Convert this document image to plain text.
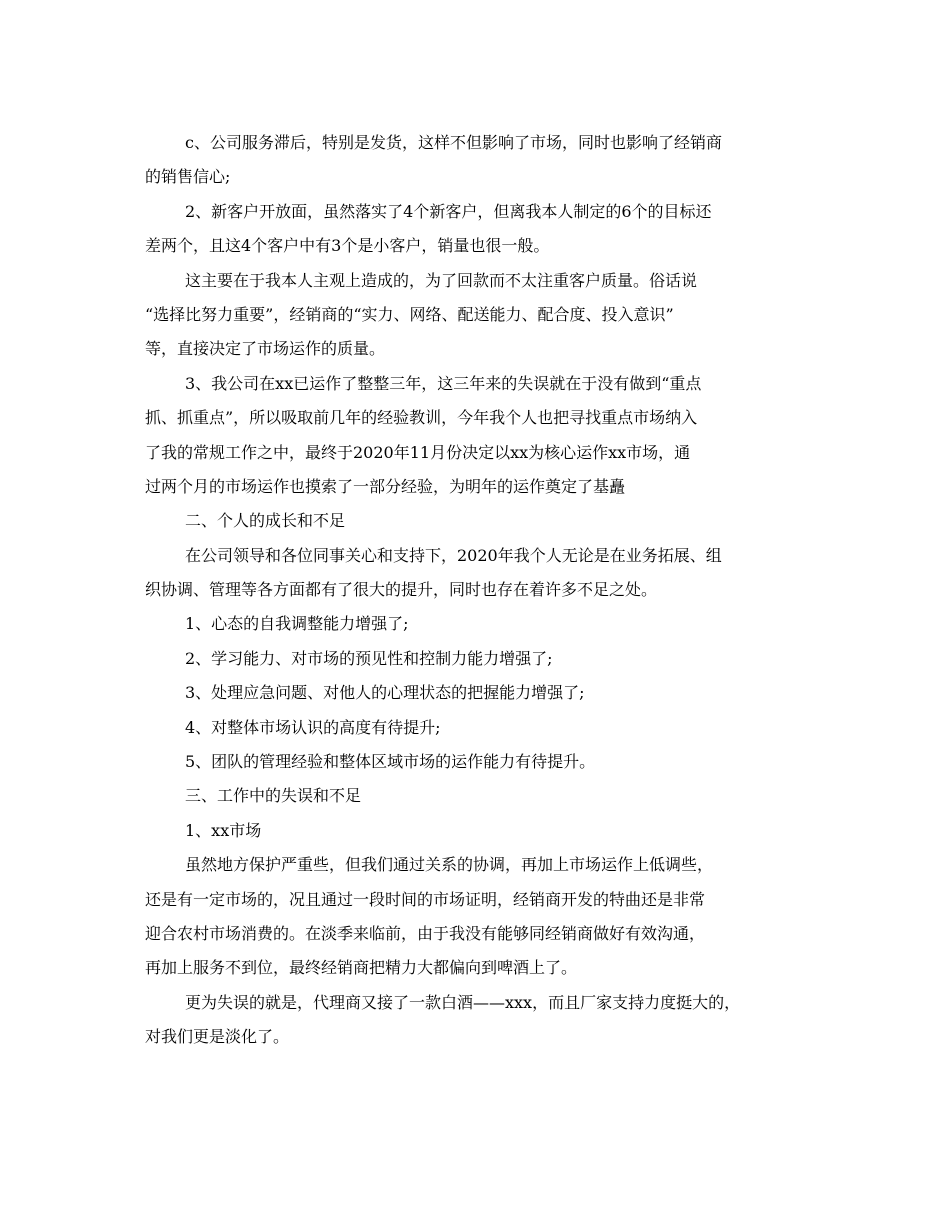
c、公司服务滞后，特别是发货，这样不但影响了市场，同时也影响了经销商
的销售信心;
2、新客户开放面，虽然落实了4个新客户，但离我本人制定的6个的目标还
差两个，且这4个客户中有3个是小客户，销量也很一般。
这主要在于我本人主观上造成的，为了回款而不太注重客户质量。俗话说
“选择比努力重要”，经销商的“实力、网络、配送能力、配合度、投入意识”
等，直接决定了市场运作的质量。
3、我公司在xx已运作了整整三年，这三年来的失误就在于没有做到“重点
抓、抓重点”，所以吸取前几年的经验教训，今年我个人也把寻找重点市场纳入
了我的常规工作之中，最终于2020年11月份决定以xx为核心运作xx市场，通
过两个月的市场运作也摸索了一部分经验，为明年的运作奠定了基矗
二、个人的成长和不足
在公司领导和各位同事关心和支持下，2020年我个人无论是在业务拓展、组
织协调、管理等各方面都有了很大的提升，同时也存在着许多不足之处。
1、心态的自我调整能力增强了;
2、学习能力、对市场的预见性和控制力能力增强了;
3、处理应急问题、对他人的心理状态的把握能力增强了;
4、对整体市场认识的高度有待提升;
5、团队的管理经验和整体区域市场的运作能力有待提升。
三、工作中的失误和不足
1、xx市场
虽然地方保护严重些，但我们通过关系的协调，再加上市场运作上低调些，
还是有一定市场的，况且通过一段时间的市场证明，经销商开发的特曲还是非常
迎合农村市场消费的。在淡季来临前，由于我没有能够同经销商做好有效沟通，
再加上服务不到位，最终经销商把精力大都偏向到啤酒上了。
更为失误的就是，代理商又接了一款白酒——xxx，而且厂家支持力度挺大的，
对我们更是淡化了。
